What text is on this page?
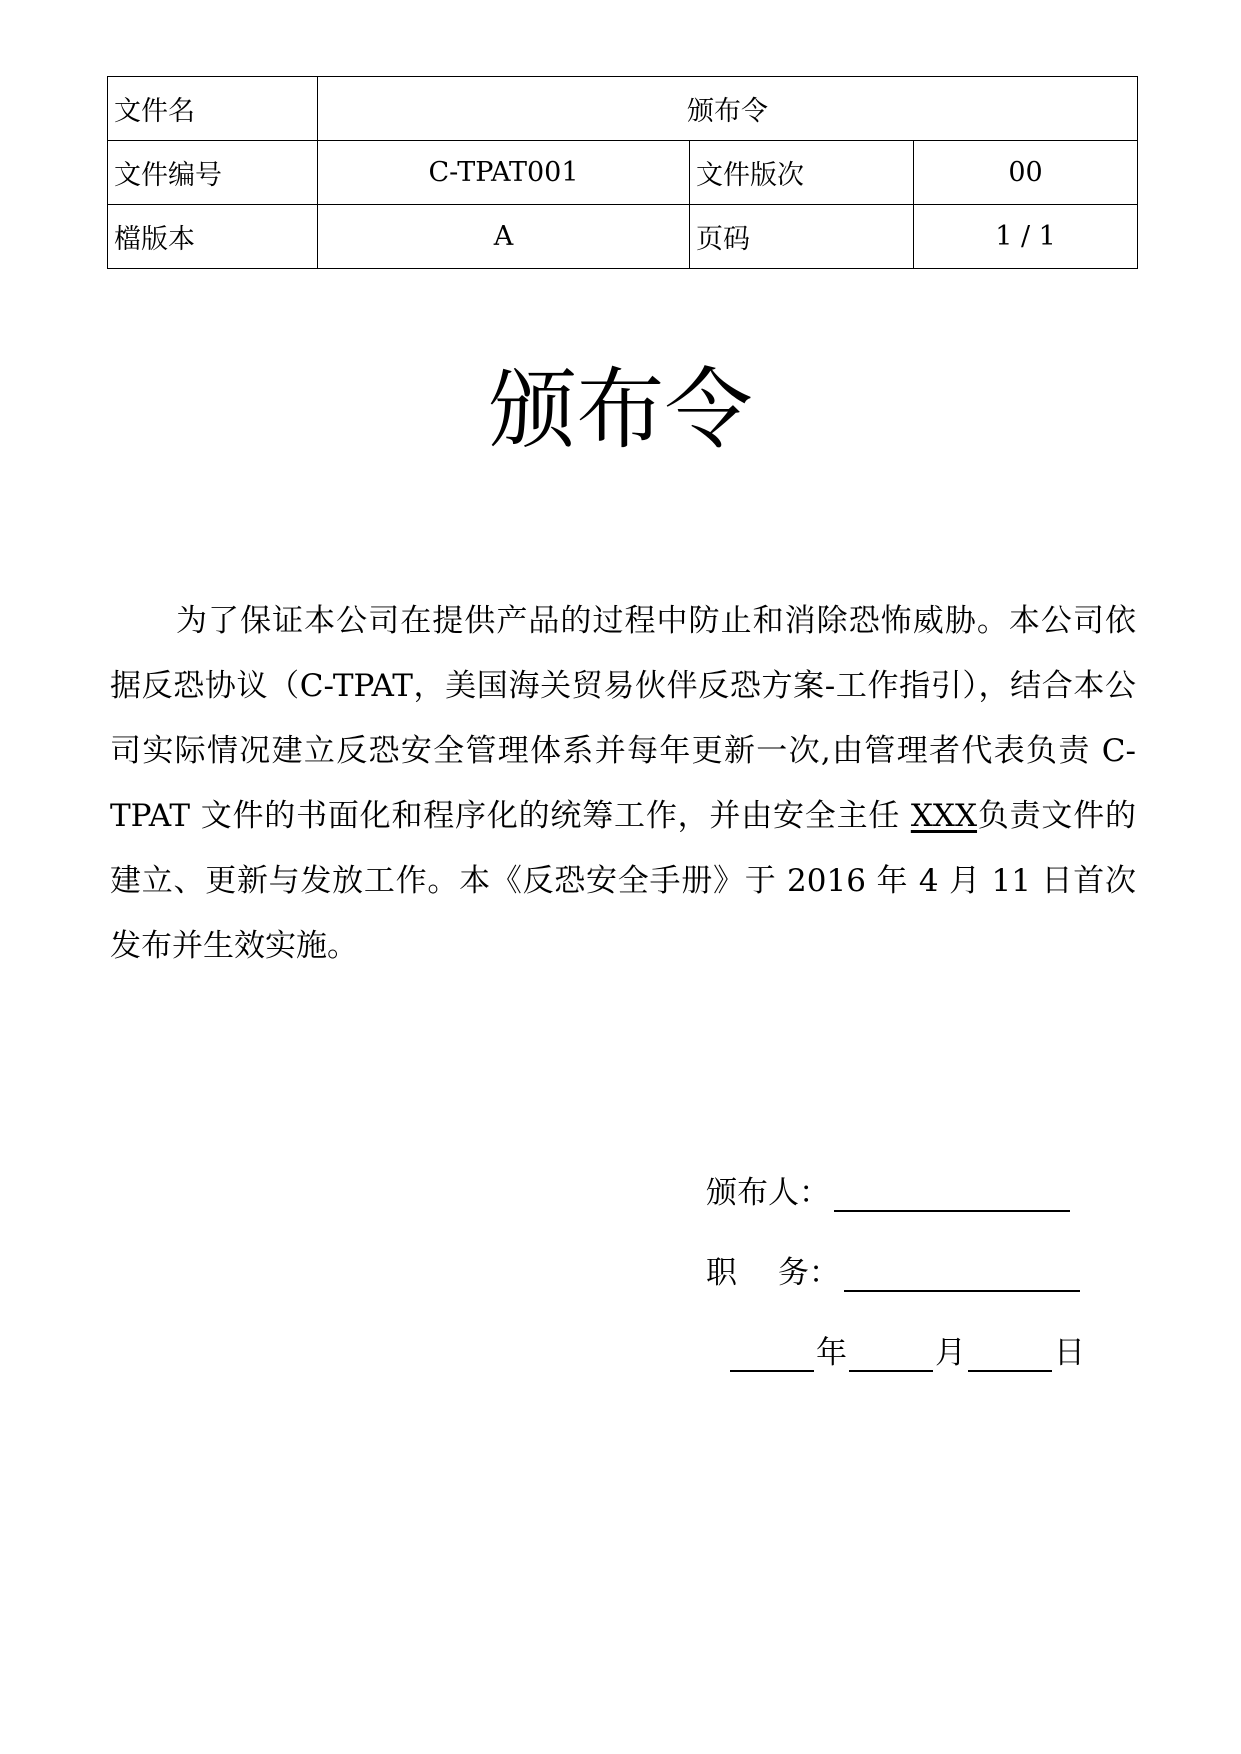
文件名	颁布令		
文件编号	C-TPAT001	文件版次	00
檔版本	A	页码	1 / 1
颁布令

为了保证本公司在提供产品的过程中防止和消除恐怖威胁。本公司依据反恐协议（C-TPAT，美国海关贸易伙伴反恐方案-工作指引），结合本公司实际情况建立反恐安全管理体系并每年更新一次,由管理者代表负责 C-TPAT 文件的书面化和程序化的统筹工作，并由安全主任 XXX负责文件的建立、更新与发放工作。本《反恐安全手册》于 2016 年 4 月 11 日首次发布并生效实施。

颁布人：
职　 务：
年	月	日
